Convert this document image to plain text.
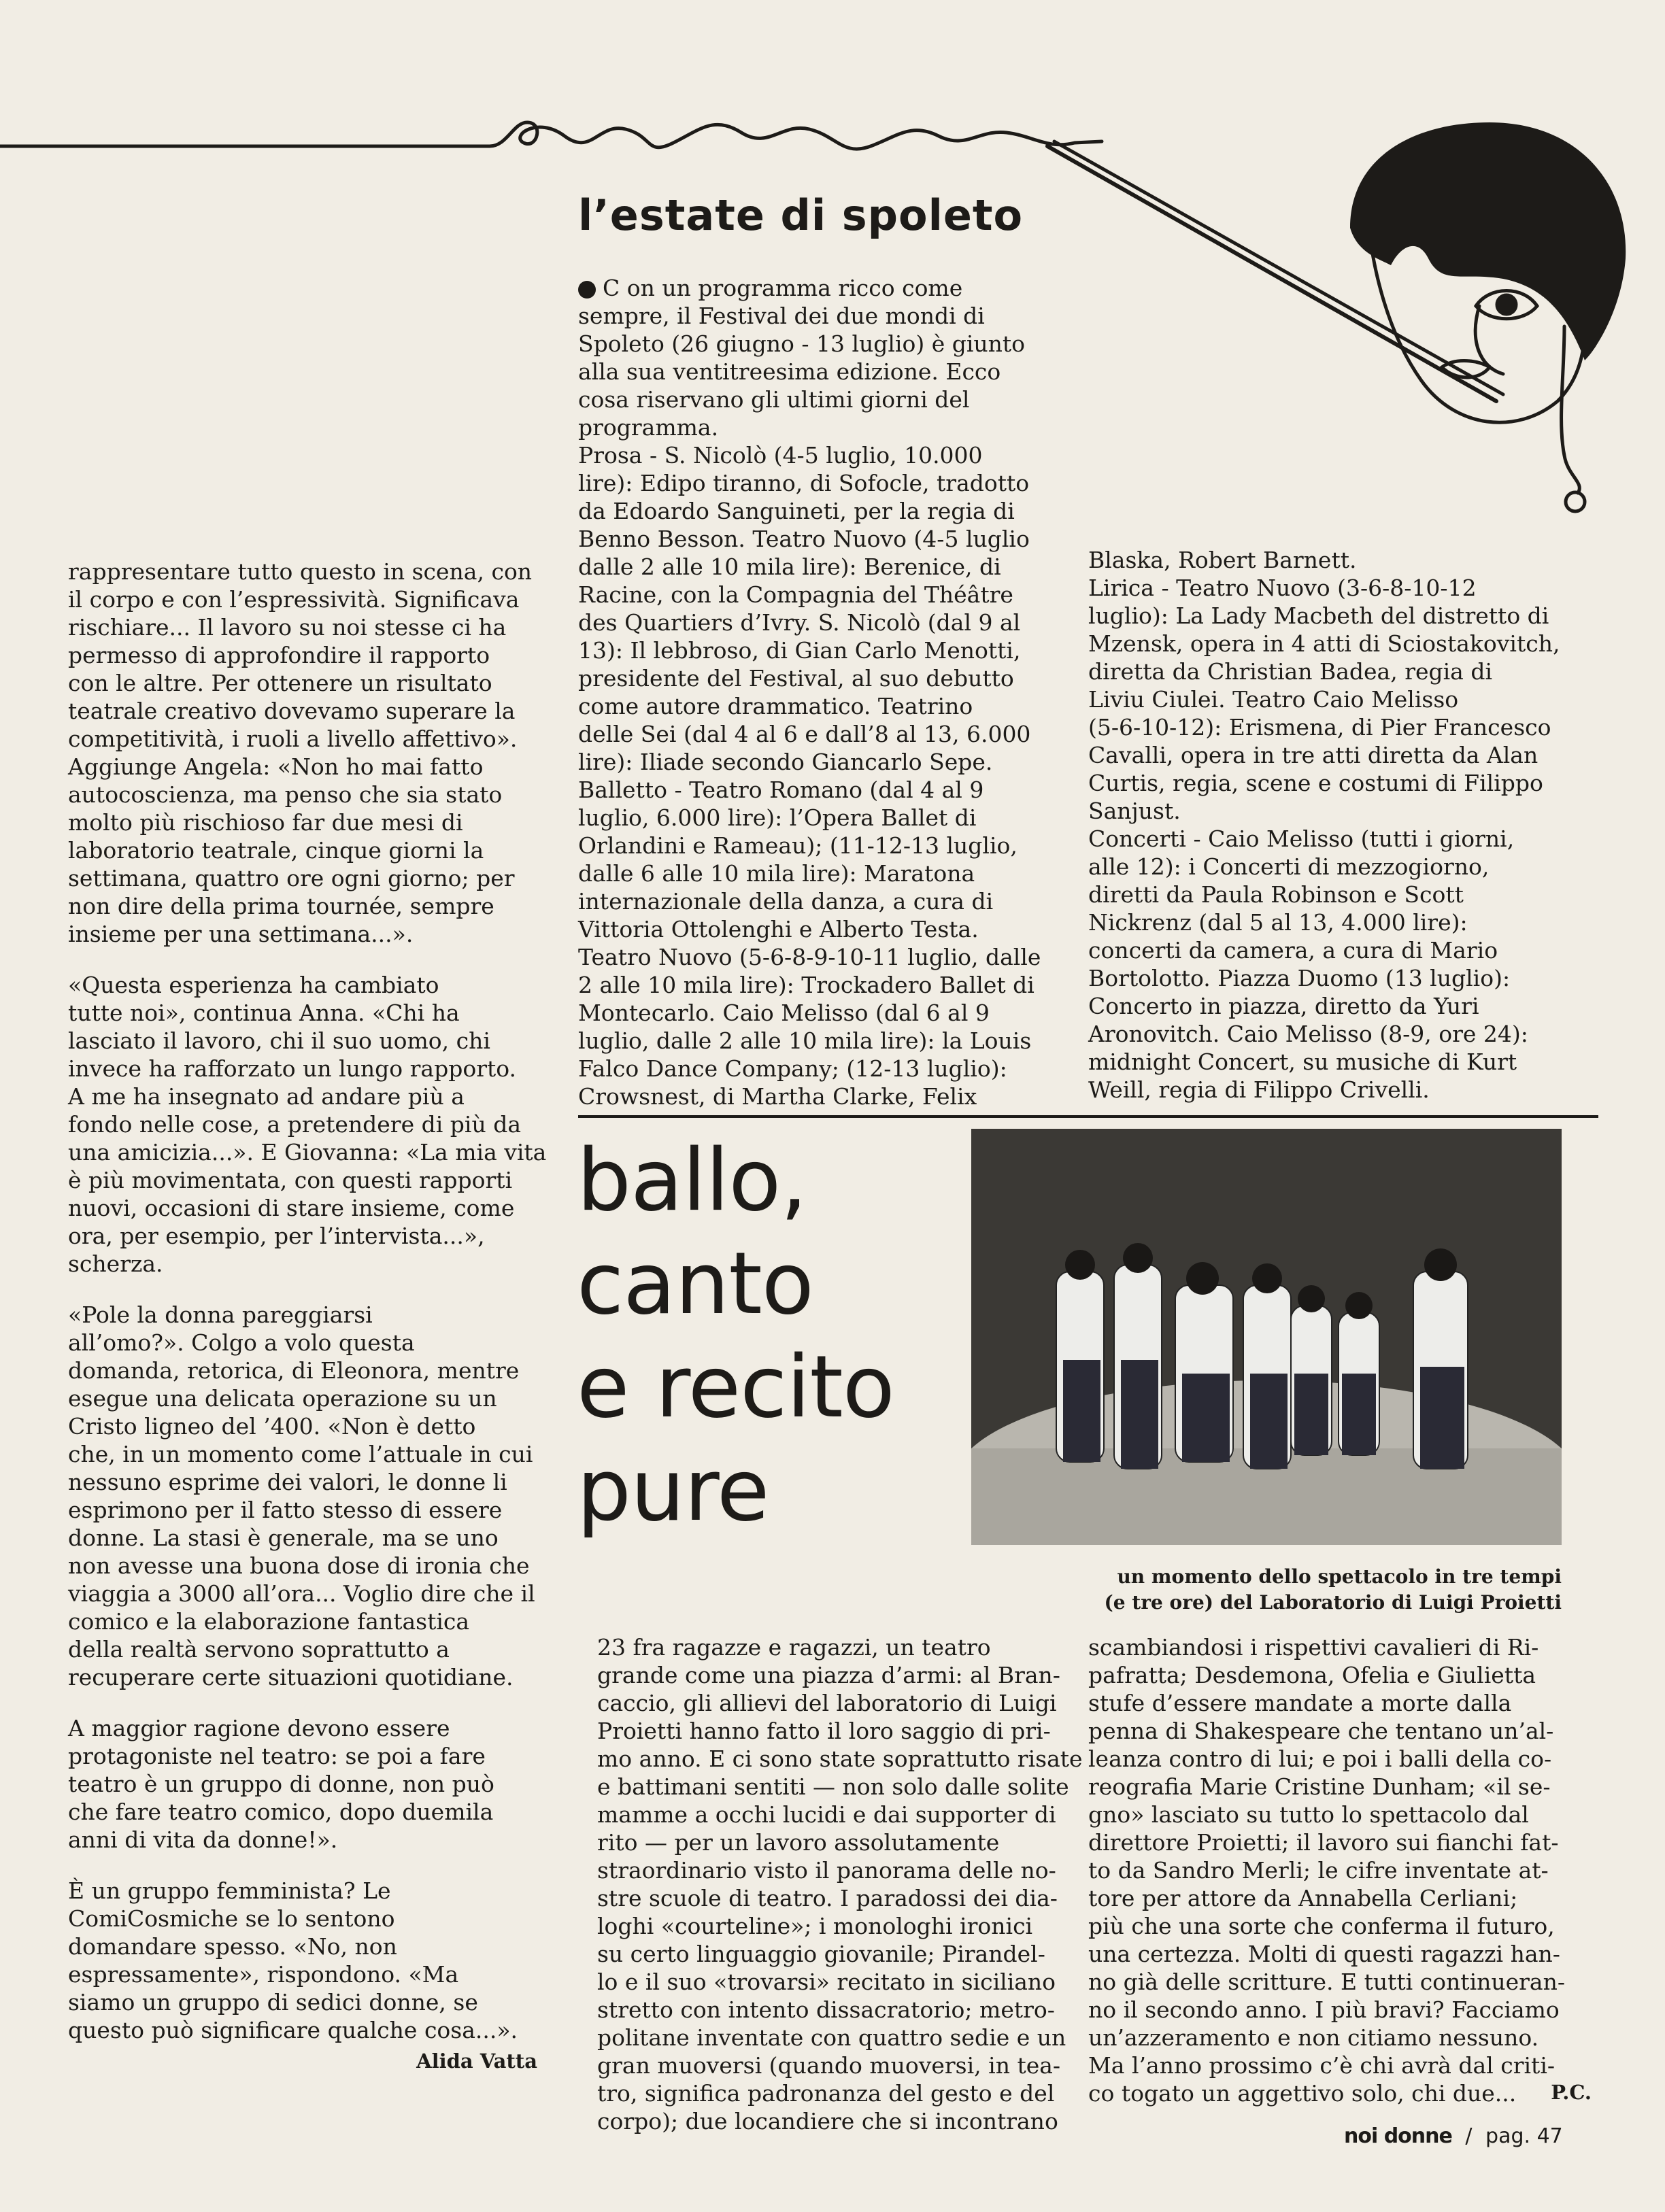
l’estate di spoleto

rappresentare tutto questo in scena, con

il corpo e con l’espressività. Significava

rischiare... Il lavoro su noi stesse ci ha

permesso di approfondire il rapporto

con le altre. Per ottenere un risultato

teatrale creativo dovevamo superare la

competitività, i ruoli a livello affettivo».

Aggiunge Angela: «Non ho mai fatto

autocoscienza, ma penso che sia stato

molto più rischioso far due mesi di

laboratorio teatrale, cinque giorni la

settimana, quattro ore ogni giorno; per

non dire della prima tournée, sempre

insieme per una settimana...».

«Questa esperienza ha cambiato

tutte noi», continua Anna. «Chi ha

lasciato il lavoro, chi il suo uomo, chi

invece ha rafforzato un lungo rapporto.

A me ha insegnato ad andare più a

fondo nelle cose, a pretendere di più da

una amicizia...». E Giovanna: «La mia vita

è più movimentata, con questi rapporti

nuovi, occasioni di stare insieme, come

ora, per esempio, per l’intervista...»,

scherza.

«Pole la donna pareggiarsi

all’omo?». Colgo a volo questa

domanda, retorica, di Eleonora, mentre

esegue una delicata operazione su un

Cristo ligneo del ’400. «Non è detto

che, in un momento come l’attuale in cui

nessuno esprime dei valori, le donne li

esprimono per il fatto stesso di essere

donne. La stasi è generale, ma se uno

non avesse una buona dose di ironia che

viaggia a 3000 all’ora... Voglio dire che il

comico e la elaborazione fantastica

della realtà servono soprattutto a

recuperare certe situazioni quotidiane.

A maggior ragione devono essere

protagoniste nel teatro: se poi a fare

teatro è un gruppo di donne, non può

che fare teatro comico, dopo duemila

anni di vita da donne!».

È un gruppo femminista? Le

ComiCosmiche se lo sentono

domandare spesso. «No, non

espressamente», rispondono. «Ma

siamo un gruppo di sedici donne, se

questo può significare qualche cosa...».

Alida Vatta

C on un programma ricco come

sempre, il Festival dei due mondi di

Spoleto (26 giugno - 13 luglio) è giunto

alla sua ventitreesima edizione. Ecco

cosa riservano gli ultimi giorni del

programma.

Prosa - S. Nicolò (4-5 luglio, 10.000

lire): Edipo tiranno, di Sofocle, tradotto

da Edoardo Sanguineti, per la regia di

Benno Besson. Teatro Nuovo (4-5 luglio

dalle 2 alle 10 mila lire): Berenice, di

Racine, con la Compagnia del Théâtre

des Quartiers d’Ivry. S. Nicolò (dal 9 al

13): Il lebbroso, di Gian Carlo Menotti,

presidente del Festival, al suo debutto

come autore drammatico. Teatrino

delle Sei (dal 4 al 6 e dall’8 al 13, 6.000

lire): Iliade secondo Giancarlo Sepe.

Balletto - Teatro Romano (dal 4 al 9

luglio, 6.000 lire): l’Opera Ballet di

Orlandini e Rameau); (11-12-13 luglio,

dalle 6 alle 10 mila lire): Maratona

internazionale della danza, a cura di

Vittoria Ottolenghi e Alberto Testa.

Teatro Nuovo (5-6-8-9-10-11 luglio, dalle

2 alle 10 mila lire): Trockadero Ballet di

Montecarlo. Caio Melisso (dal 6 al 9

luglio, dalle 2 alle 10 mila lire): la Louis

Falco Dance Company; (12-13 luglio):

Crowsnest, di Martha Clarke, Felix

Blaska, Robert Barnett.

Lirica - Teatro Nuovo (3-6-8-10-12

luglio): La Lady Macbeth del distretto di

Mzensk, opera in 4 atti di Sciostakovitch,

diretta da Christian Badea, regia di

Liviu Ciulei. Teatro Caio Melisso

(5-6-10-12): Erismena, di Pier Francesco

Cavalli, opera in tre atti diretta da Alan

Curtis, regia, scene e costumi di Filippo

Sanjust.

Concerti - Caio Melisso (tutti i giorni,

alle 12): i Concerti di mezzogiorno,

diretti da Paula Robinson e Scott

Nickrenz (dal 5 al 13, 4.000 lire):

concerti da camera, a cura di Mario

Bortolotto. Piazza Duomo (13 luglio):

Concerto in piazza, diretto da Yuri

Aronovitch. Caio Melisso (8-9, ore 24):

midnight Concert, su musiche di Kurt

Weill, regia di Filippo Crivelli.

ballo,
canto
e recito
pure
un momento dello spettacolo in tre tempi
(e tre ore) del Laboratorio di Luigi Proietti

23 fra ragazze e ragazzi, un teatro

grande come una piazza d’armi: al Bran-

caccio, gli allievi del laboratorio di Luigi

Proietti hanno fatto il loro saggio di pri-

mo anno. E ci sono state soprattutto risate

e battimani sentiti — non solo dalle solite

mamme a occhi lucidi e dai supporter di

rito — per un lavoro assolutamente

straordinario visto il panorama delle no-

stre scuole di teatro. I paradossi dei dia-

loghi «courteline»; i monologhi ironici

su certo linguaggio giovanile; Pirandel-

lo e il suo «trovarsi» recitato in siciliano

stretto con intento dissacratorio; metro-

politane inventate con quattro sedie e un

gran muoversi (quando muoversi, in tea-

tro, significa padronanza del gesto e del

corpo); due locandiere che si incontrano

scambiandosi i rispettivi cavalieri di Ri-

pafratta; Desdemona, Ofelia e Giulietta

stufe d’essere mandate a morte dalla

penna di Shakespeare che tentano un’al-

leanza contro di lui; e poi i balli della co-

reografia Marie Cristine Dunham; «il se-

gno» lasciato su tutto lo spettacolo dal

direttore Proietti; il lavoro sui fianchi fat-

to da Sandro Merli; le cifre inventate at-

tore per attore da Annabella Cerliani;

più che una sorte che conferma il futuro,

una certezza. Molti di questi ragazzi han-

no già delle scritture. E tutti continueran-

no il secondo anno. I più bravi? Facciamo

un’azzeramento e non citiamo nessuno.

Ma l’anno prossimo c’è chi avrà dal criti-

co togato un aggettivo solo, chi due...	P.C.
noi donne / pag. 47
